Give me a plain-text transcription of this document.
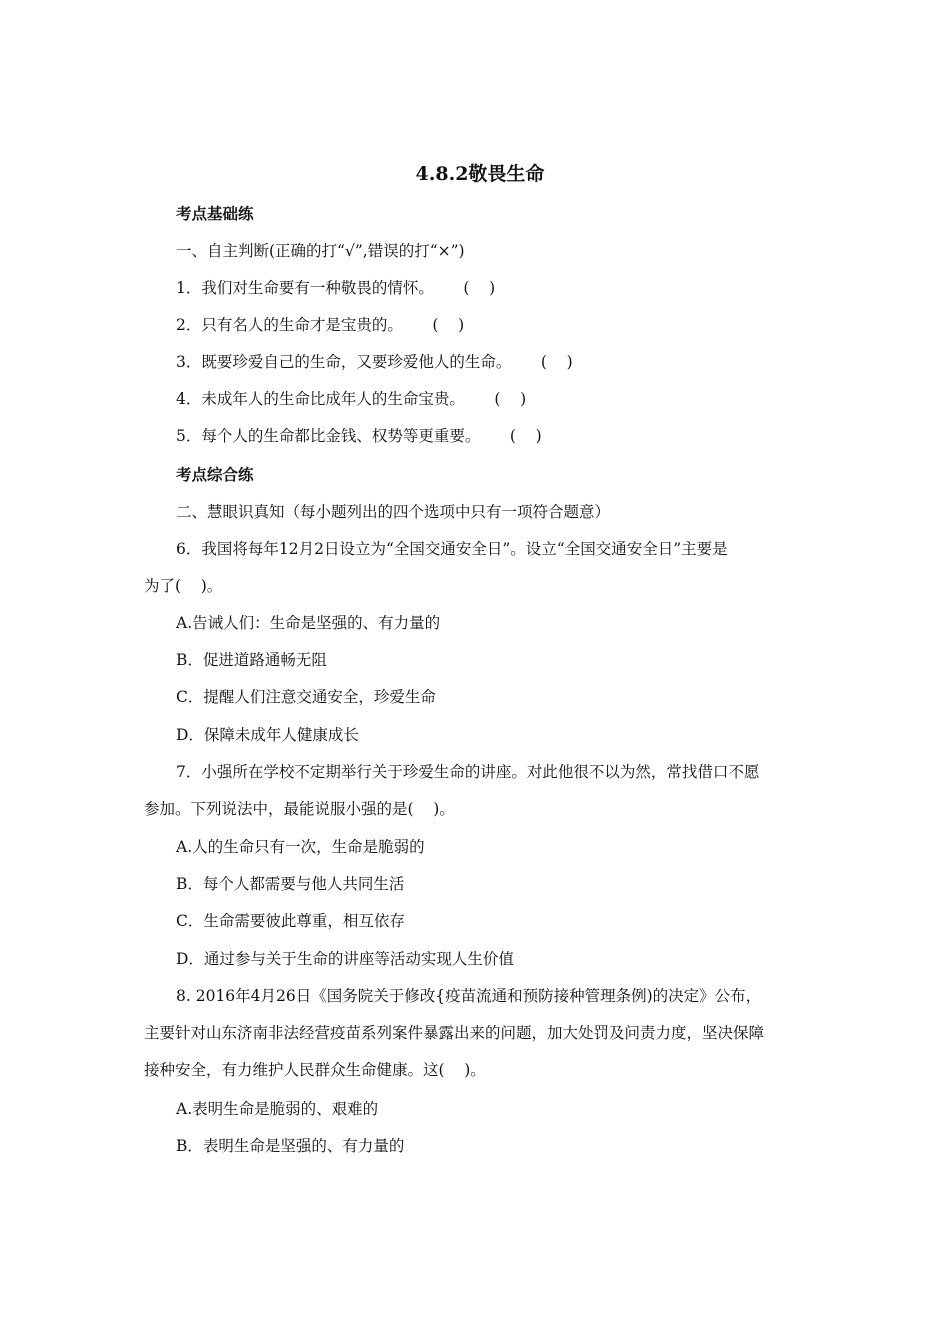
4.8.2敬畏生命

考点基础练

一、自主判断(正确的打“√”,错误的打“×”)

1．我们对生命要有一种敬畏的情怀。      (    )

2．只有名人的生命才是宝贵的。      (    )

3．既要珍爱自己的生命，又要珍爱他人的生命。      (    )

4．未成年人的生命比成年人的生命宝贵。      (    )

5．每个人的生命都比金钱、权势等更重要。      (    )

考点综合练

二、慧眼识真知（每小题列出的四个选项中只有一项符合题意）

6．我国将每年12月2日设立为“全国交通安全日”。设立“全国交通安全日”主要是

为了(    )。

A.告诫人们：生命是坚强的、有力量的

B．促进道路通畅无阻

C．提醒人们注意交通安全，珍爱生命

D．保障未成年人健康成长

7．小强所在学校不定期举行关于珍爱生命的讲座。对此他很不以为然，常找借口不愿

参加。下列说法中，最能说服小强的是(    )。

A.人的生命只有一次，生命是脆弱的

B．每个人都需要与他人共同生活

C．生命需要彼此尊重，相互依存

D．通过参与关于生命的讲座等活动实现人生价值

8. 2016年4月26日《国务院关于修改{疫苗流通和预防接种管理条例)的决定》公布，

主要针对山东济南非法经营疫苗系列案件暴露出来的问题，加大处罚及问责力度，坚决保障

接种安全，有力维护人民群众生命健康。这(    )。

A.表明生命是脆弱的、艰难的

B．表明生命是坚强的、有力量的
